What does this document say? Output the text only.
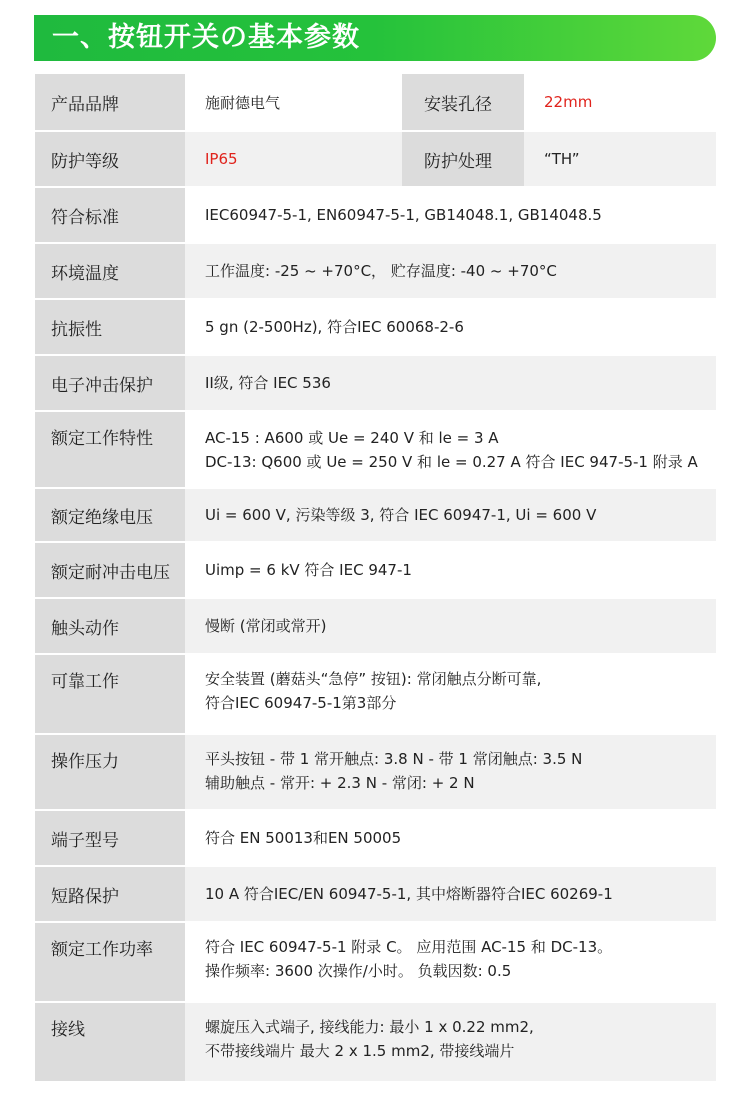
一、按钮开关の基本参数
产品品牌	施耐德电气	安装孔径	22mm
防护等级	IP65	防护处理	“TH”
符合标准	IEC60947-5-1, EN60947-5-1, GB14048.1, GB14048.5
环境温度	工作温度: -25 ~ +70°C， 贮存温度: -40 ~ +70°C
抗振性	5 gn (2-500Hz), 符合IEC 60068-2-6
电子冲击保护	II级, 符合 IEC 536
额定工作特性	AC-15 : A600 或 Ue = 240 V 和 le = 3 A
DC-13: Q600 或 Ue = 250 V 和 le = 0.27 A 符合 IEC 947-5-1 附录 A
额定绝缘电压	Ui = 600 V, 污染等级 3, 符合 IEC 60947-1, Ui = 600 V
额定耐冲击电压	Uimp = 6 kV 符合 IEC 947-1
触头动作	慢断 (常闭或常开)
可靠工作	安全装置 (蘑菇头“急停” 按钮): 常闭触点分断可靠,
符合IEC 60947-5-1第3部分
操作压力	平头按钮 - 带 1 常开触点: 3.8 N - 带 1 常闭触点: 3.5 N
辅助触点 - 常开: + 2.3 N - 常闭: + 2 N
端子型号	符合 EN 50013和EN 50005
短路保护	10 A 符合IEC/EN 60947-5-1, 其中熔断器符合IEC 60269-1
额定工作功率	符合 IEC 60947-5-1 附录 C。 应用范围 AC-15 和 DC-13。
操作频率: 3600 次操作/小时。 负载因数: 0.5
接线	螺旋压入式端子, 接线能力: 最小 1 x 0.22 mm2,
不带接线端片 最大 2 x 1.5 mm2, 带接线端片
